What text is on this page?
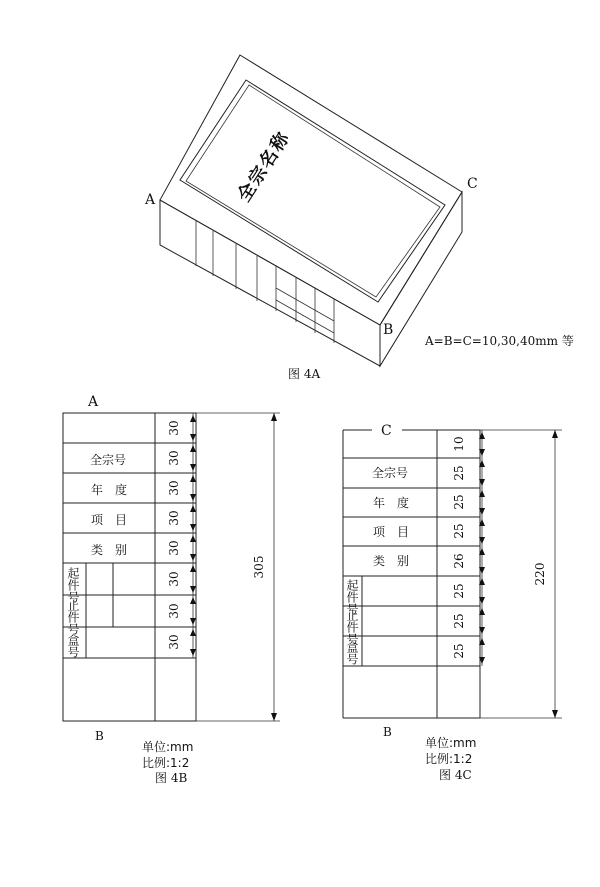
A
C
B
全宗名称
A=B=C=10,30,40mm 等
图 4A
A
B
全宗号
年　度
项　目
类　别
起件号
止件号
盒号
30
30
30
30
30
30
30
30
305
单位:mm
比例:1:2
图 4B
C
B
全宗号
年　度
项　目
类　别
起件号
止件号
盒号
10
25
25
25
26
25
25
25
220
单位:mm
比例:1:2
图 4C
